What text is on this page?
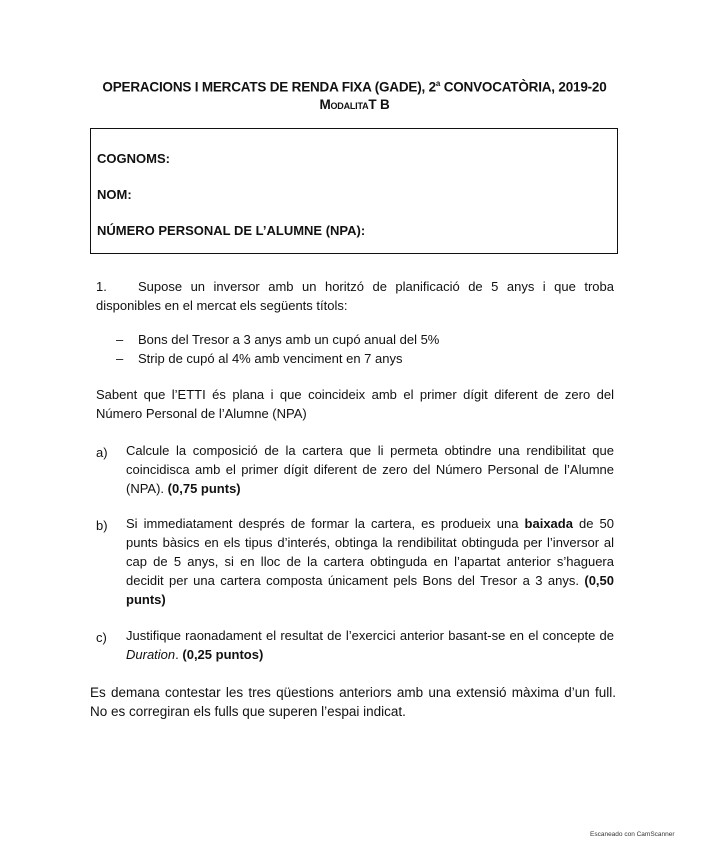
OPERACIONS I MERCATS DE RENDA FIXA (GADE), 2$^a$ CONVOCATÒRIA, 2019-20
ModalitaT B
COGNOMS:
NOM:
NÚMERO PERSONAL DE L’ALUMNE (NPA):
1. Supose un inversor amb un horitzó de planificació de 5 anys i que troba disponibles en el mercat els següents títols:
– Bons del Tresor a 3 anys amb un cupó anual del 5%
– Strip de cupó al 4% amb venciment en 7 anys
Sabent que l’ETTI és plana i que coincideix amb el primer dígit diferent de zero del Número Personal de l’Alumne (NPA)
a) Calcule la composició de la cartera que li permeta obtindre una rendibilitat que coincidisca amb el primer dígit diferent de zero del Número Personal de l’Alumne (NPA). (0,75 punts)
b) Si immediatament després de formar la cartera, es produeix una baixada de 50 punts bàsics en els tipus d’interés, obtinga la rendibilitat obtinguda per l’inversor al cap de 5 anys, si en lloc de la cartera obtinguda en l’apartat anterior s’haguera decidit per una cartera composta únicament pels Bons del Tresor a 3 anys. (0,50 punts)
c) Justifique raonadament el resultat de l’exercici anterior basant-se en el concepte de Duration. (0,25 puntos)
Es demana contestar les tres qüestions anteriors amb una extensió màxima d’un full. No es corregiran els fulls que superen l’espai indicat.
Escaneado con CamScanner
